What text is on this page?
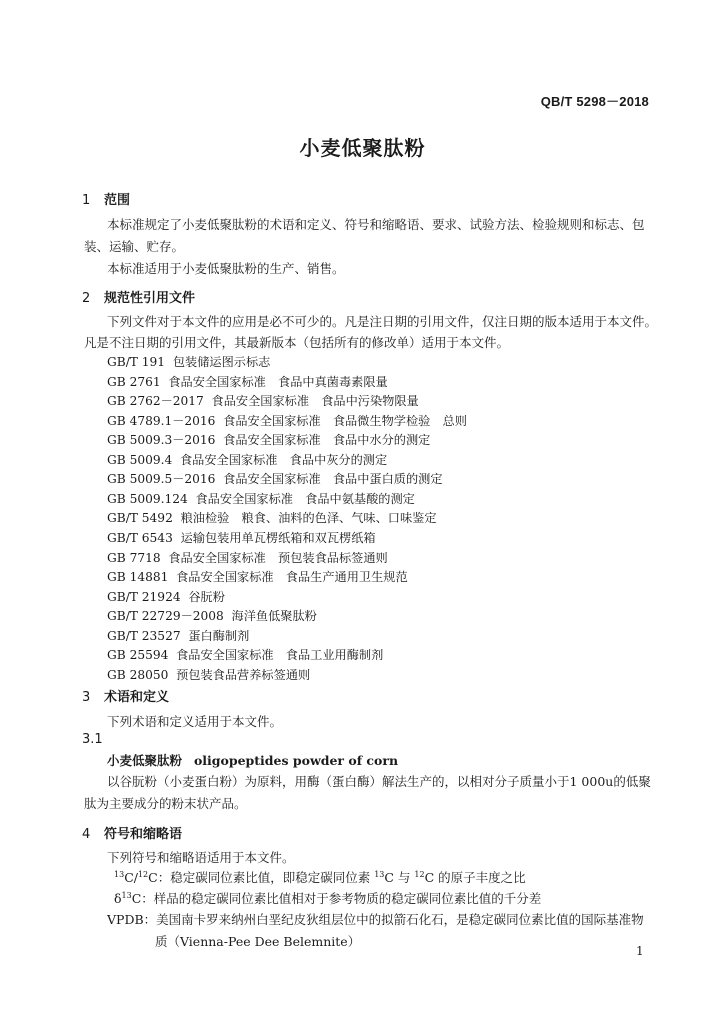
QB/T 5298－2018
小麦低聚肽粉
1 范围
本标准规定了小麦低聚肽粉的术语和定义、符号和缩略语、要求、试验方法、检验规则和标志、包
装、运输、贮存。
本标准适用于小麦低聚肽粉的生产、销售。
2 规范性引用文件
下列文件对于本文件的应用是必不可少的。凡是注日期的引用文件，仅注日期的版本适用于本文件。
凡是不注日期的引用文件，其最新版本（包括所有的修改单）适用于本文件。
GB/T 191 包装储运图示标志
GB 2761 食品安全国家标准　食品中真菌毒素限量
GB 2762－2017 食品安全国家标准　食品中污染物限量
GB 4789.1－2016 食品安全国家标准　食品微生物学检验　总则
GB 5009.3－2016 食品安全国家标准　食品中水分的测定
GB 5009.4 食品安全国家标准　食品中灰分的测定
GB 5009.5－2016 食品安全国家标准　食品中蛋白质的测定
GB 5009.124 食品安全国家标准　食品中氨基酸的测定
GB/T 5492 粮油检验　粮食、油料的色泽、气味、口味鉴定
GB/T 6543 运输包装用单瓦楞纸箱和双瓦楞纸箱
GB 7718 食品安全国家标准　预包装食品标签通则
GB 14881 食品安全国家标准　食品生产通用卫生规范
GB/T 21924 谷朊粉
GB/T 22729－2008 海洋鱼低聚肽粉
GB/T 23527 蛋白酶制剂
GB 25594 食品安全国家标准　食品工业用酶制剂
GB 28050 预包装食品营养标签通则
3 术语和定义
下列术语和定义适用于本文件。
3.1
小麦低聚肽粉 oligopeptides powder of corn
以谷朊粉（小麦蛋白粉）为原料，用酶（蛋白酶）解法生产的，以相对分子质量小于1 000u的低聚
肽为主要成分的粉末状产品。
4 符号和缩略语
下列符号和缩略语适用于本文件。
$^{13}$C/$^{12}$C：稳定碳同位素比值，即稳定碳同位素 $^{13}$C 与 $^{12}$C 的原子丰度之比
$\delta^{13}C$：样品的稳定碳同位素比值相对于参考物质的稳定碳同位素比值的千分差
VPDB：美国南卡罗来纳州白垩纪皮狄组层位中的拟箭石化石，是稳定碳同位素比值的国际基准物
质（Vienna-Pee Dee Belemnite）
1
